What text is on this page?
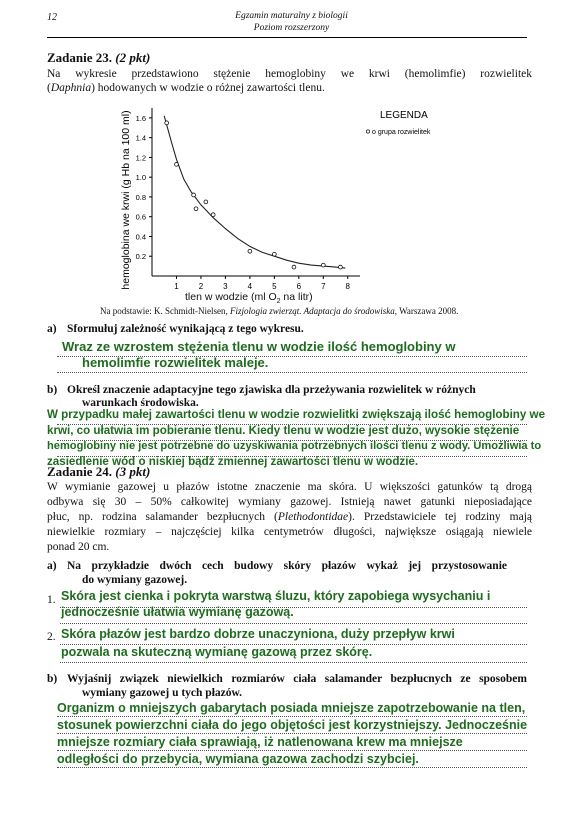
12	Egzamin maturalny z biologii
Poziom rozszerzony
Zadanie 23. (2 pkt)
Na wykresie przedstawiono stężenie hemoglobiny we krwi (hemolimfie) rozwielitek
(Daphnia) hodowanych w wodzie o różnej zawartości tlenu.
1	2	3	4	5	6	7	8
0.2
0.4
0.6
0.8
1.0
1.2
1.4
1.6
hemoglobina we krwi (g Hb na 100 ml)	LEGENDA
o grupa rozwielitek
tlen w wodzie (ml $O_2$ na litr)
Na podstawie: K. Schmidt-Nielsen, Fizjologia zwierząt. Adaptacja do środowiska, Warszawa 2008.
a) Sformułuj zależność wynikającą z tego wykresu.
Wraz ze wzrostem stężenia tlenu w wodzie ilość hemoglobiny w
hemolimfie rozwielitek maleje.
b) Określ znaczenie adaptacyjne tego zjawiska dla przeżywania rozwielitek w różnych
warunkach środowiska.
W przypadku małej zawartości tlenu w wodzie rozwielitki zwiększają ilość hemoglobiny we
krwi, co ułatwia im pobieranie tlenu. Kiedy tlenu w wodzie jest dużo, wysokie stężenie
hemoglobiny nie jest potrzebne do uzyskiwania potrzebnych ilości tlenu z wody. Umożliwia to
zasiedlenie wód o niskiej bądź zmiennej zawartości tlenu w wodzie.
Zadanie 24. (3 pkt)
W wymianie gazowej u płazów istotne znaczenie ma skóra. U większości gatunków tą drogą
odbywa się 30 – 50% całkowitej wymiany gazowej. Istnieją nawet gatunki nieposiadające
płuc, np. rodzina salamander bezpłucnych (Plethodontidae). Przedstawiciele tej rodziny mają
niewielkie rozmiary – najczęściej kilka centymetrów długości, największe osiągają niewiele
ponad 20 cm.
a) Na przykładzie dwóch cech budowy skóry płazów wykaż jej przystosowanie
do wymiany gazowej.
1. Skóra jest cienka i pokryta warstwą śluzu, który zapobiega wysychaniu i
jednocześnie ułatwia wymianę gazową.
2. Skóra płazów jest bardzo dobrze unaczyniona, duży przepływ krwi
pozwala na skuteczną wymianę gazową przez skórę.
b) Wyjaśnij związek niewielkich rozmiarów ciała salamander bezpłucnych ze sposobem
wymiany gazowej u tych płazów.
Organizm o mniejszych gabarytach posiada mniejsze zapotrzebowanie na tlen,
stosunek powierzchni ciała do jego objętości jest korzystniejszy. Jednocześnie
mniejsze rozmiary ciała sprawiają, iż natlenowana krew ma mniejsze
odległości do przebycia, wymiana gazowa zachodzi szybciej.
